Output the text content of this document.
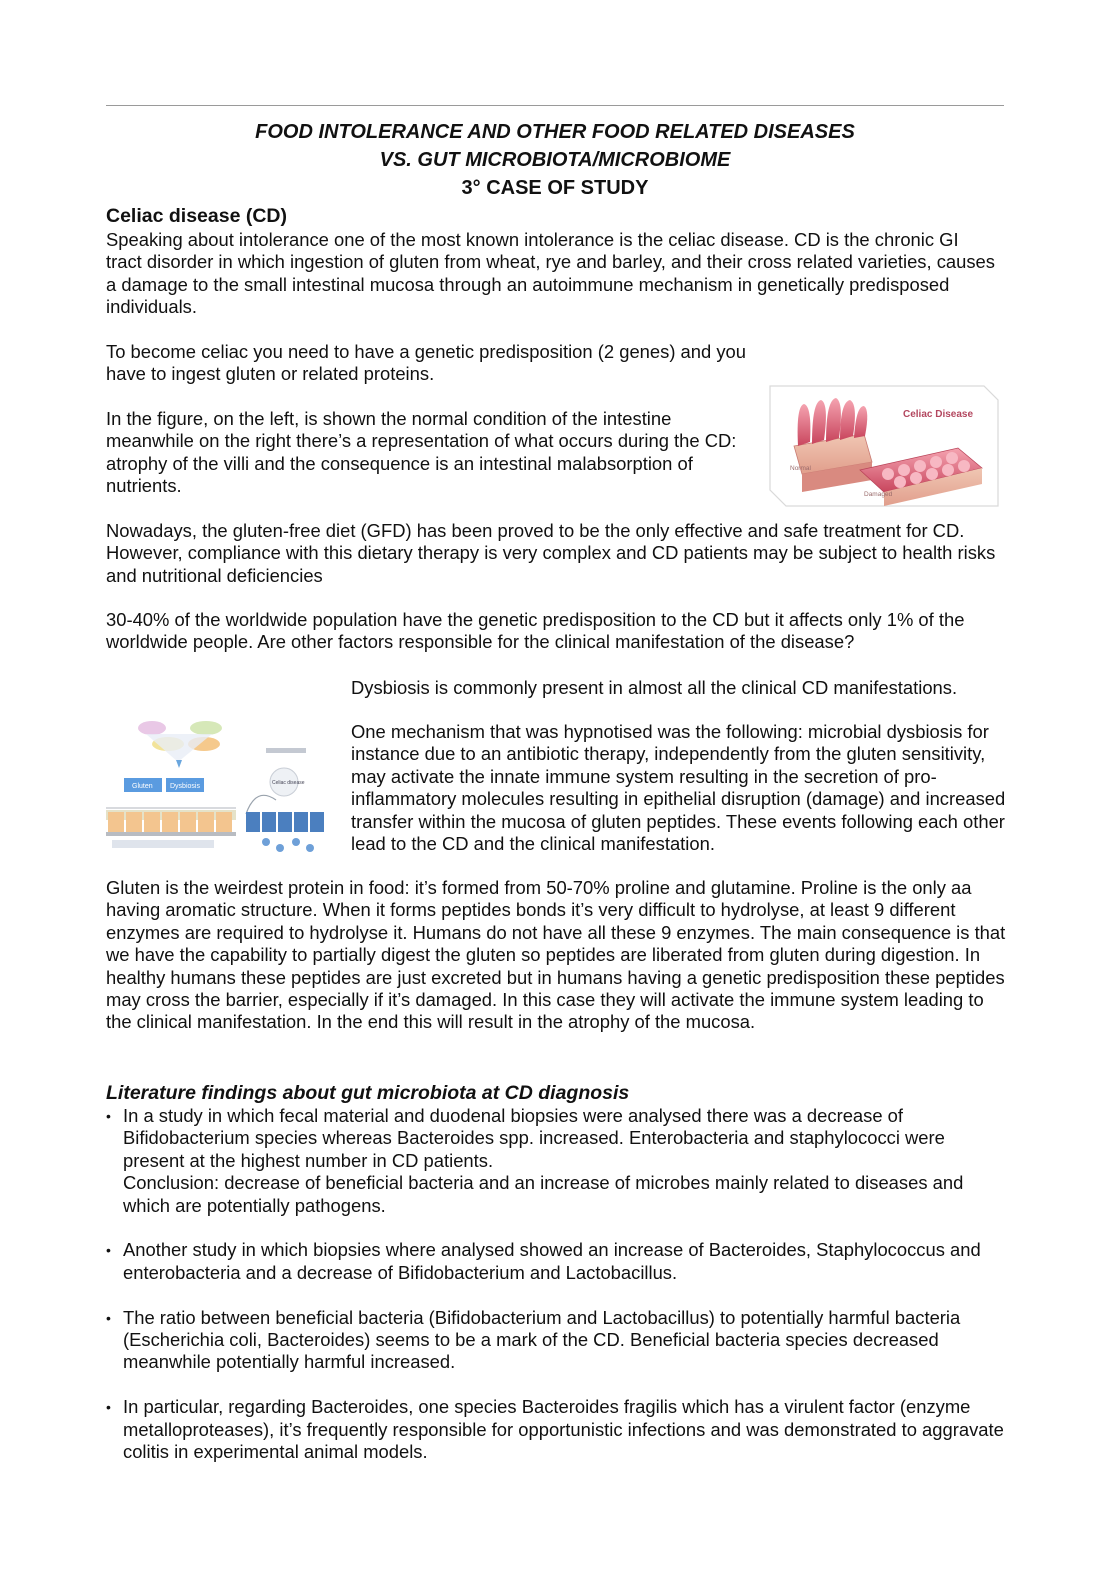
FOOD INTOLERANCE AND OTHER FOOD RELATED DISEASES
VS. GUT MICROBIOTA/MICROBIOME
3° CASE OF STUDY
Celiac disease (CD)

Speaking about intolerance one of the most known intolerance is the celiac disease. CD is the chronic GI tract disorder in which ingestion of gluten from wheat, rye and barley, and their cross related varieties, causes a damage to the small intestinal mucosa through an autoimmune mechanism in genetically predisposed individuals.

To become celiac you need to have a genetic predisposition (2 genes) and you have to ingest gluten or related proteins.

In the figure, on the left, is shown the normal condition of the intestine meanwhile on the right there’s a representation of what occurs during the CD: atrophy of the villi and the consequence is an intestinal malabsorption of nutrients.

Celiac Disease
Normal
Damaged

Nowadays, the gluten-free diet (GFD) has been proved to be the only effective and safe treatment for CD. However, compliance with this dietary therapy is very complex and CD patients may be subject to health risks and nutritional deficiencies

30-40% of the worldwide population have the genetic predisposition to the CD but it affects only 1% of the worldwide people. Are other factors responsible for the clinical manifestation of the disease?

Gluten Dysbiosis	Celiac disease

Dysbiosis is commonly present in almost all the clinical CD manifestations.

One mechanism that was hypnotised was the following: microbial dysbiosis for instance due to an antibiotic therapy, independently from the gluten sensitivity, may activate the innate immune system resulting in the secretion of pro-inflammatory molecules resulting in epithelial disruption (damage) and increased transfer within the mucosa of gluten peptides. These events following each other lead to the CD and the clinical manifestation.

Gluten is the weirdest protein in food: it’s formed from 50-70% proline and glutamine. Proline is the only aa having aromatic structure. When it forms peptides bonds it’s very difficult to hydrolyse, at least 9 different enzymes are required to hydrolyse it. Humans do not have all these 9 enzymes. The main consequence is that we have the capability to partially digest the gluten so peptides are liberated from gluten during digestion. In healthy humans these peptides are just excreted but in humans having a genetic predisposition these peptides may cross the barrier, especially if it’s damaged. In this case they will activate the immune system leading to the clinical manifestation. In the end this will result in the atrophy of the mucosa.

Literature findings about gut microbiota at CD diagnosis
• In a study in which fecal material and duodenal biopsies were analysed there was a decrease of Bifidobacterium species whereas Bacteroides spp. increased. Enterobacteria and staphylococci were present at the highest number in CD patients.
Conclusion: decrease of beneficial bacteria and an increase of microbes mainly related to diseases and which are potentially pathogens.
• Another study in which biopsies where analysed showed an increase of Bacteroides, Staphylococcus and enterobacteria and a decrease of Bifidobacterium and Lactobacillus.
• The ratio between beneficial bacteria (Bifidobacterium and Lactobacillus) to potentially harmful bacteria (Escherichia coli, Bacteroides) seems to be a mark of the CD. Beneficial bacteria species decreased meanwhile potentially harmful increased.
• In particular, regarding Bacteroides, one species Bacteroides fragilis which has a virulent factor (enzyme metalloproteases), it’s frequently responsible for opportunistic infections and was demonstrated to aggravate colitis in experimental animal models.
